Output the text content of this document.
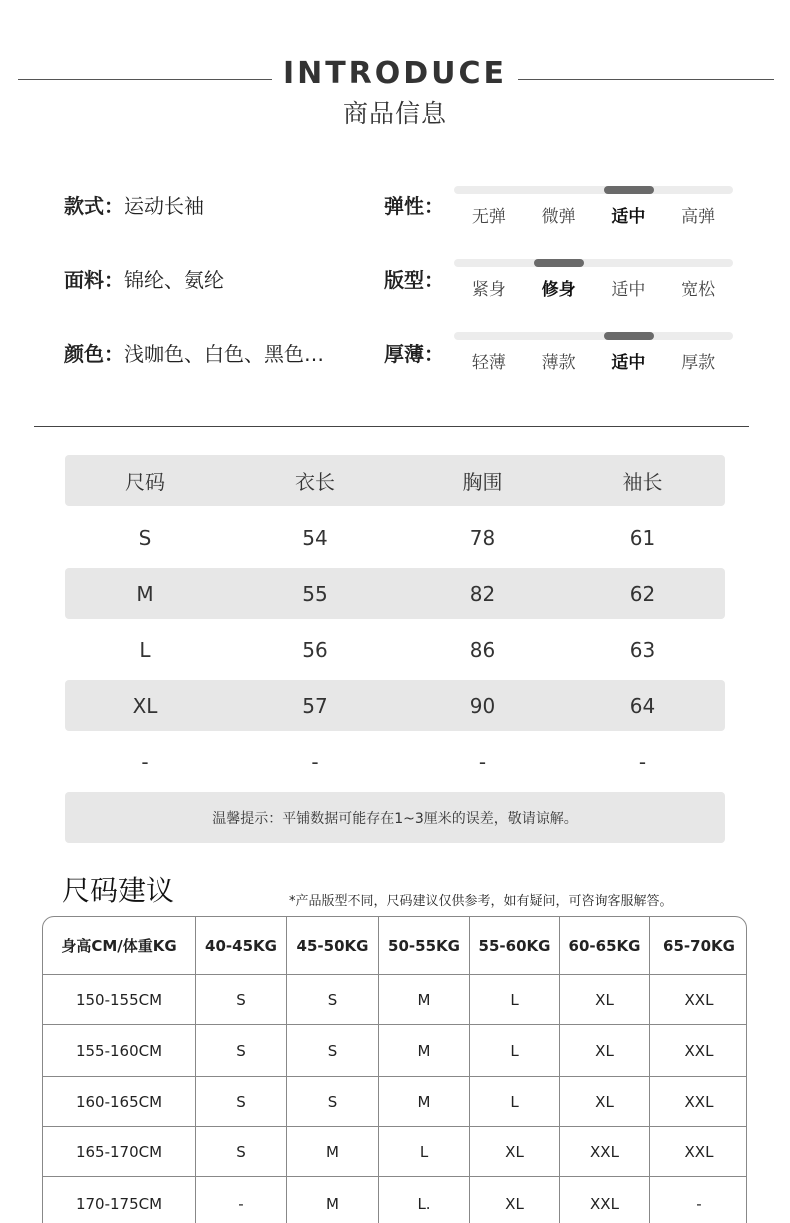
INTRODUCE
商品信息
款式：运动长袖
面料：锦纶、氨纶
颜色：浅咖色、白色、黑色…
弹性：	无弹	微弹	适中	高弹
版型：	紧身	修身	适中	宽松
厚薄：	轻薄	薄款	适中	厚款
尺码	衣长	胸围	袖长
S	54	78	61
M	55	82	62
L	56	86	63
XL	57	90	64
-	-	-	-
温馨提示：平铺数据可能存在1~3厘米的误差，敬请谅解。
尺码建议	*产品版型不同，尺码建议仅供参考，如有疑问，可咨询客服解答。
身高CM/体重KG	40-45KG	45-50KG	50-55KG	55-60KG	60-65KG	65-70KG
150-155CM	S	S	M	L	XL	XXL
155-160CM	S	S	M	L	XL	XXL
160-165CM	S	S	M	L	XL	XXL
165-170CM	S	M	L	XL	XXL	XXL
170-175CM	-	M	L.	XL	XXL	-
